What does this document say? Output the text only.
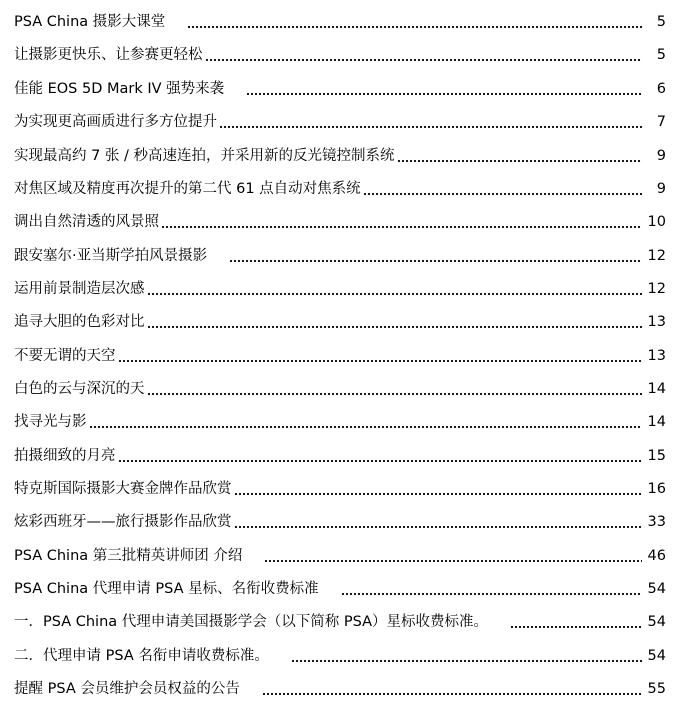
PSA China 摄影大课堂	5
让摄影更快乐、让参赛更轻松	5
佳能 EOS 5D Mark IV 强势来袭	6
为实现更高画质进行多方位提升	7
实现最高约 7 张 / 秒高速连拍，并采用新的反光镜控制系统	9
对焦区域及精度再次提升的第二代 61 点自动对焦系统	9
调出自然清透的风景照	10
跟安塞尔·亚当斯学拍风景摄影	12
运用前景制造层次感	12
追寻大胆的色彩对比	13
不要无谓的天空	13
白色的云与深沉的天	14
找寻光与影	14
拍摄细致的月亮	15
特克斯国际摄影大赛金牌作品欣赏	16
炫彩西班牙——旅行摄影作品欣赏	33
PSA China 第三批精英讲师团 介绍	46
PSA China 代理申请 PSA 星标、名衔收费标准	54
一．PSA China 代理申请美国摄影学会（以下简称 PSA）星标收费标准。	54
二．代理申请 PSA 名衔申请收费标准。	54
提醒 PSA 会员维护会员权益的公告	55
